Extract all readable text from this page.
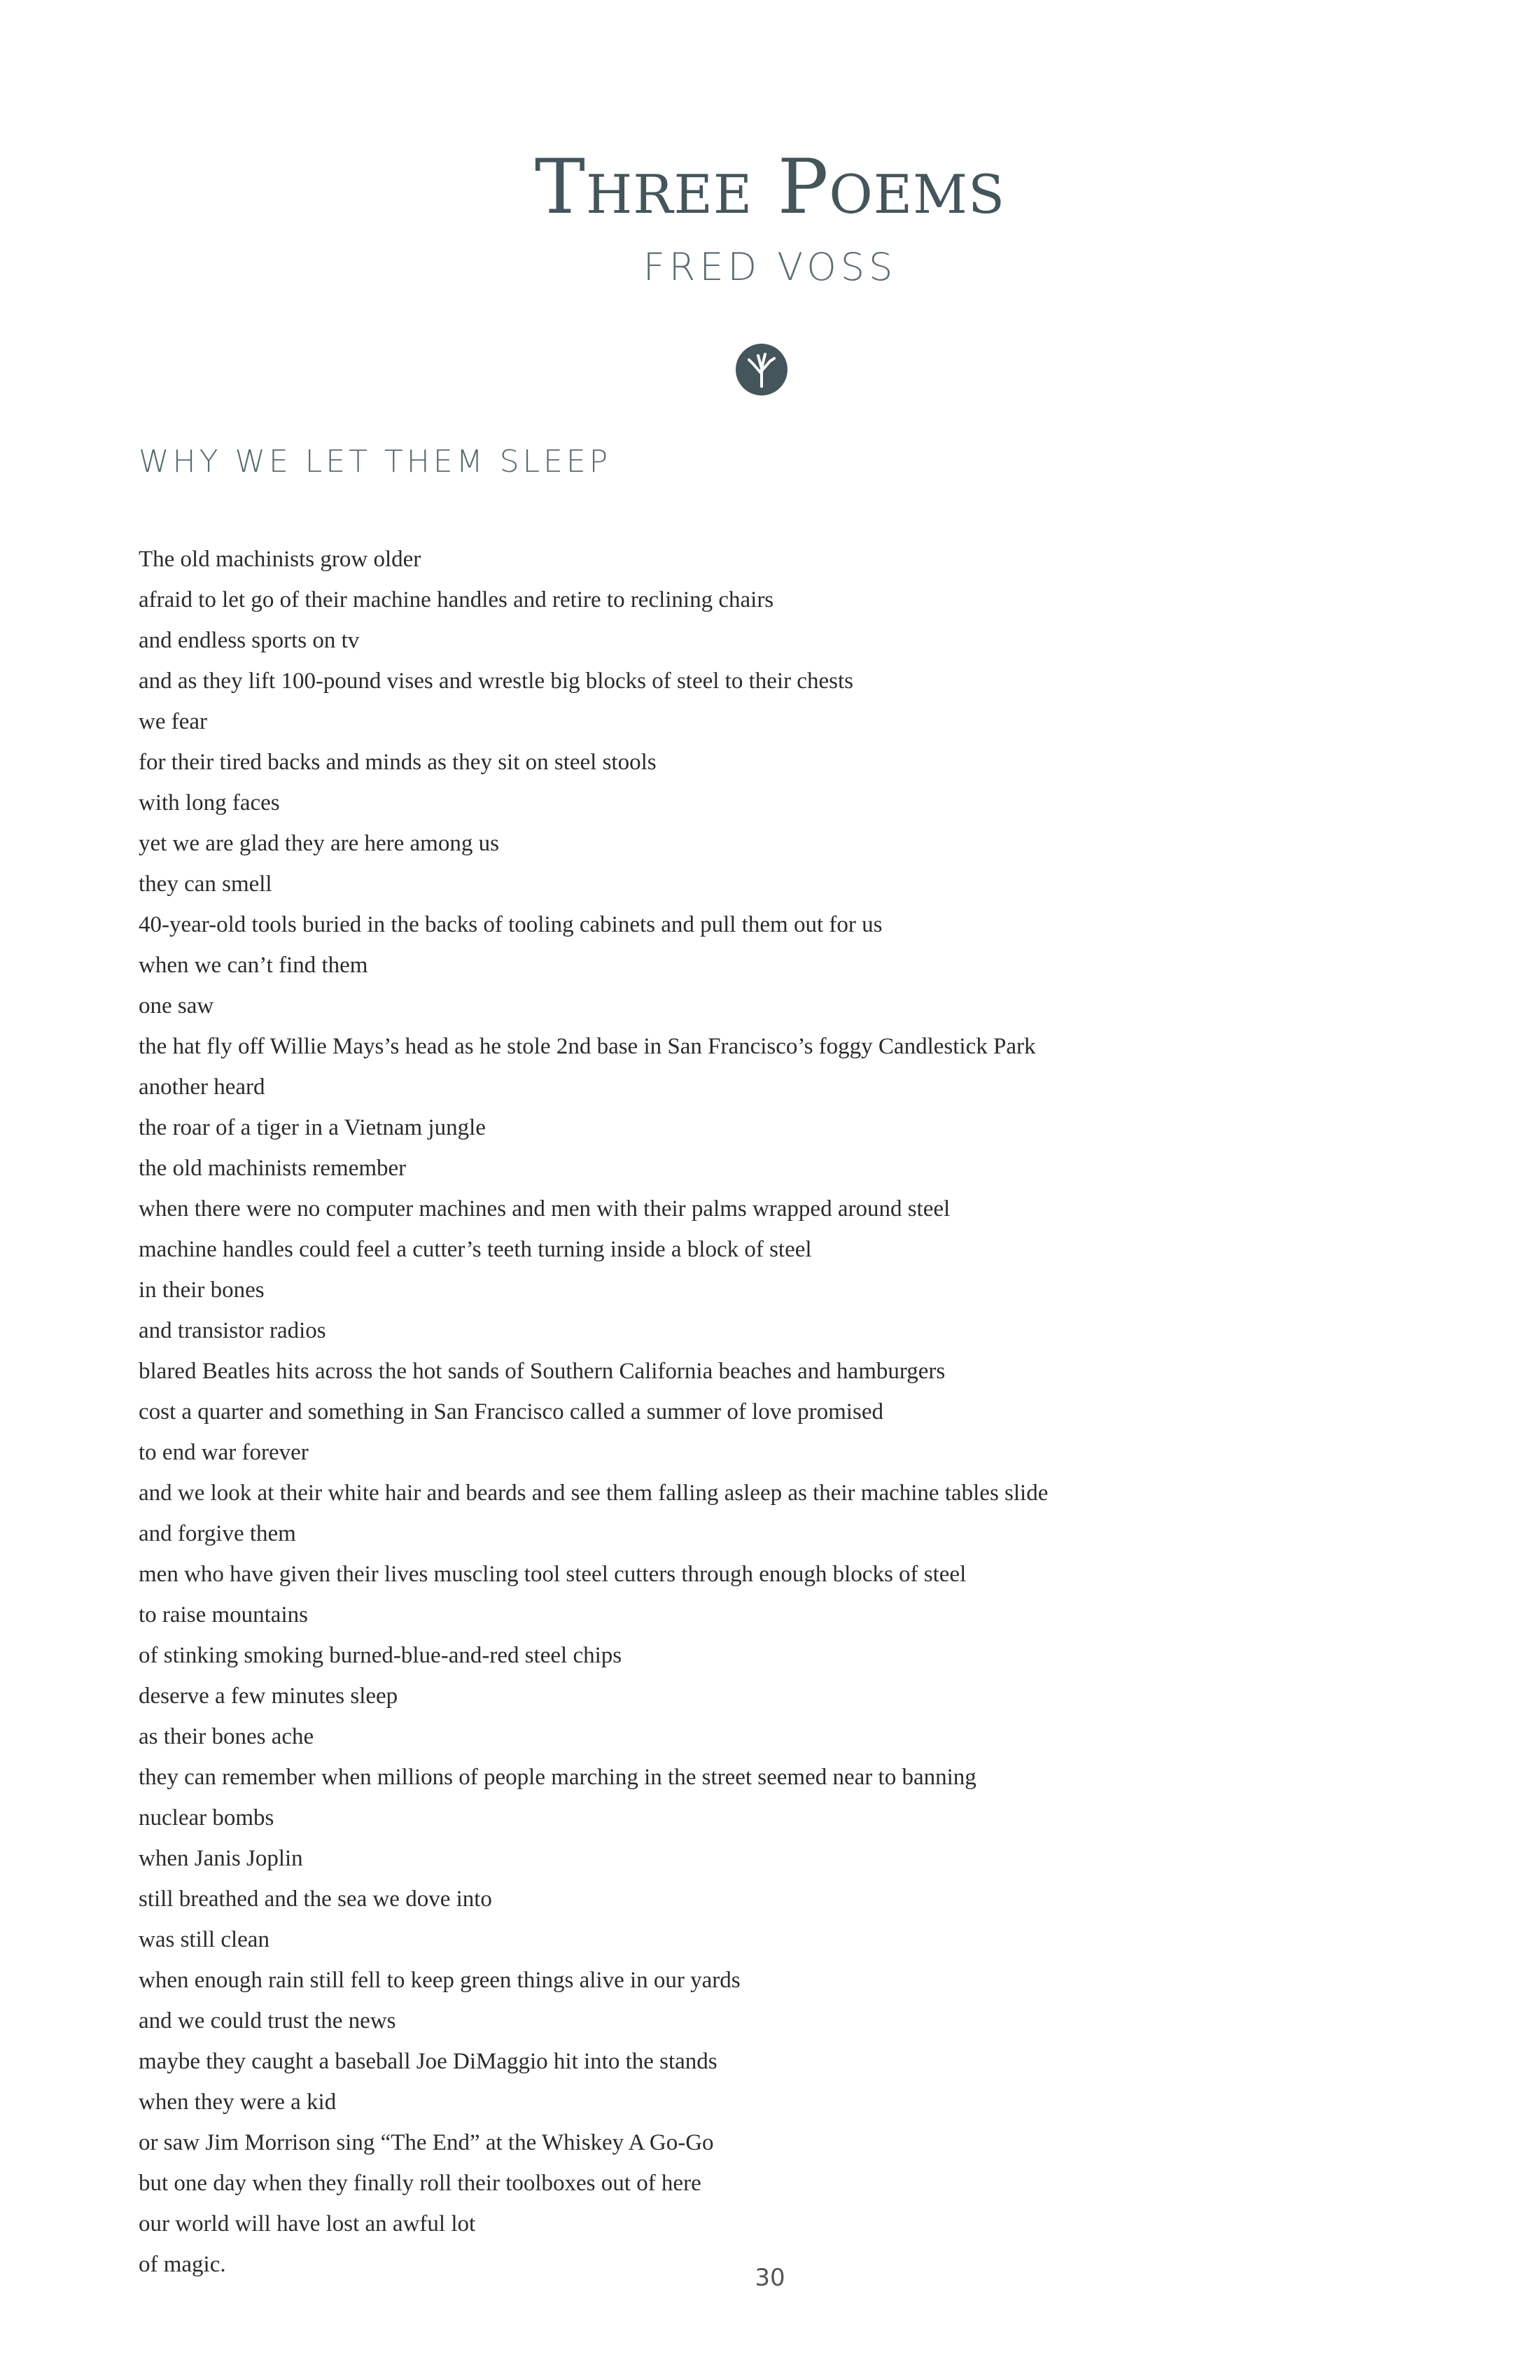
Three Poems
FRED VOSS
WHY WE LET THEM SLEEP
The old machinists grow older
afraid to let go of their machine handles and retire to reclining chairs
and endless sports on tv
and as they lift 100-pound vises and wrestle big blocks of steel to their chests
we fear
for their tired backs and minds as they sit on steel stools
with long faces
yet we are glad they are here among us
they can smell
40-year-old tools buried in the backs of tooling cabinets and pull them out for us
when we can’t find them
one saw
the hat fly off Willie Mays’s head as he stole 2nd base in San Francisco’s foggy Candlestick Park
another heard
the roar of a tiger in a Vietnam jungle
the old machinists remember
when there were no computer machines and men with their palms wrapped around steel
machine handles could feel a cutter’s teeth turning inside a block of steel
in their bones
and transistor radios
blared Beatles hits across the hot sands of Southern California beaches and hamburgers
cost a quarter and something in San Francisco called a summer of love promised
to end war forever
and we look at their white hair and beards and see them falling asleep as their machine tables slide
and forgive them
men who have given their lives muscling tool steel cutters through enough blocks of steel
to raise mountains
of stinking smoking burned-blue-and-red steel chips
deserve a few minutes sleep
as their bones ache
they can remember when millions of people marching in the street seemed near to banning
nuclear bombs
when Janis Joplin
still breathed and the sea we dove into
was still clean
when enough rain still fell to keep green things alive in our yards
and we could trust the news
maybe they caught a baseball Joe DiMaggio hit into the stands
when they were a kid
or saw Jim Morrison sing “The End” at the Whiskey A Go-Go
but one day when they finally roll their toolboxes out of here
our world will have lost an awful lot
of magic.	30
